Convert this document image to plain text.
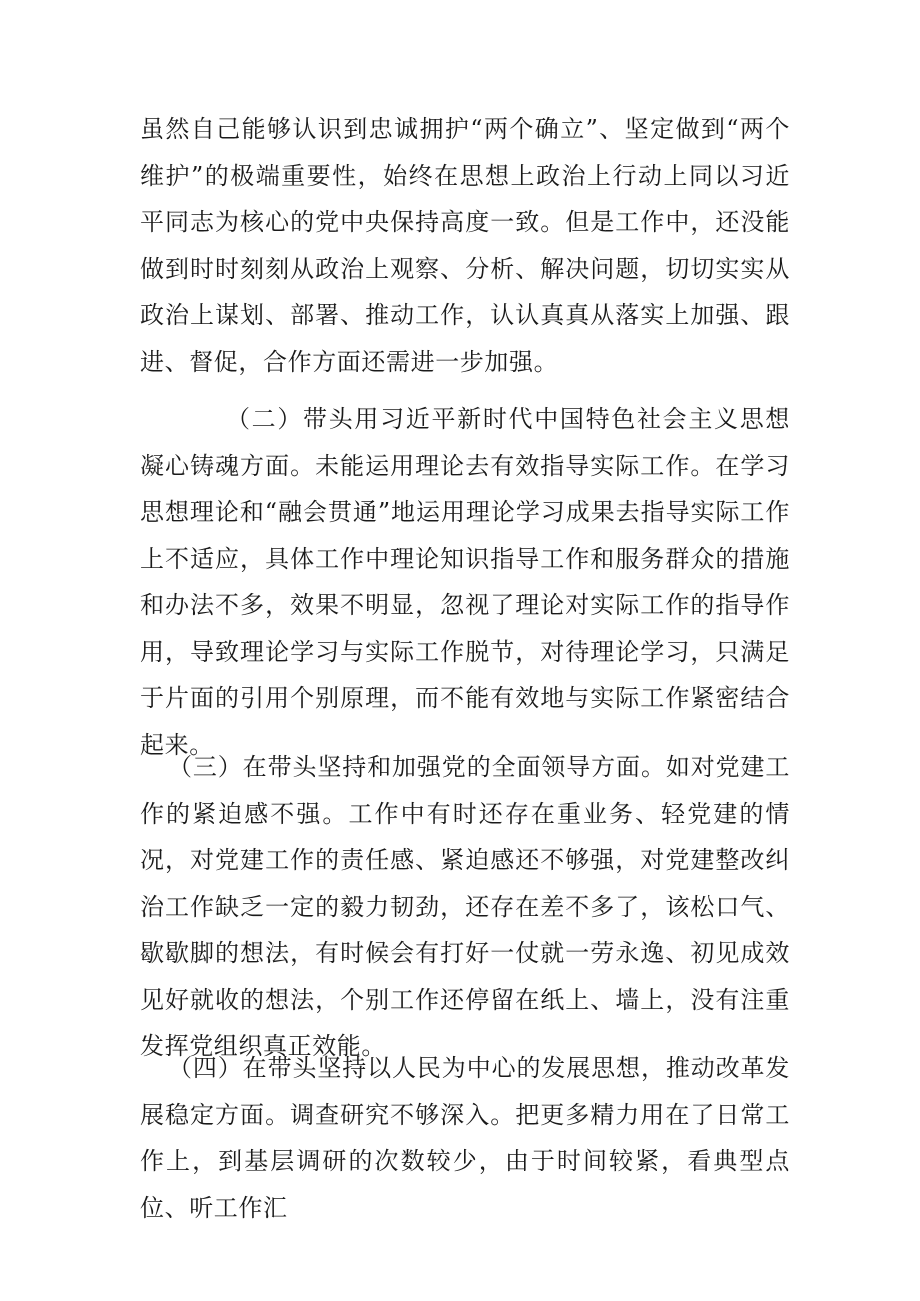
虽然自己能够认识到忠诚拥护“两个确立”、坚定做到“两个维护”的极端重要性，始终在思想上政治上行动上同以习近平同志为核心的党中央保持高度一致。但是工作中，还没能做到时时刻刻从政治上观察、分析、解决问题，切切实实从政治上谋划、部署、推动工作，认认真真从落实上加强、跟进、督促，合作方面还需进一步加强。

（二）带头用习近平新时代中国特色社会主义思想凝心铸魂方面。未能运用理论去有效指导实际工作。在学习思想理论和“融会贯通”地运用理论学习成果去指导实际工作上不适应，具体工作中理论知识指导工作和服务群众的措施和办法不多，效果不明显，忽视了理论对实际工作的指导作用，导致理论学习与实际工作脱节，对待理论学习，只满足于片面的引用个别原理，而不能有效地与实际工作紧密结合起来。

（三）在带头坚持和加强党的全面领导方面。如对党建工作的紧迫感不强。工作中有时还存在重业务、轻党建的情况，对党建工作的责任感、紧迫感还不够强，对党建整改纠治工作缺乏一定的毅力韧劲，还存在差不多了，该松口气、歇歇脚的想法，有时候会有打好一仗就一劳永逸、初见成效见好就收的想法，个别工作还停留在纸上、墙上，没有注重发挥党组织真正效能。

（四）在带头坚持以人民为中心的发展思想，推动改革发展稳定方面。调查研究不够深入。把更多精力用在了日常工作上，到基层调研的次数较少，由于时间较紧，看典型点位、听工作汇
